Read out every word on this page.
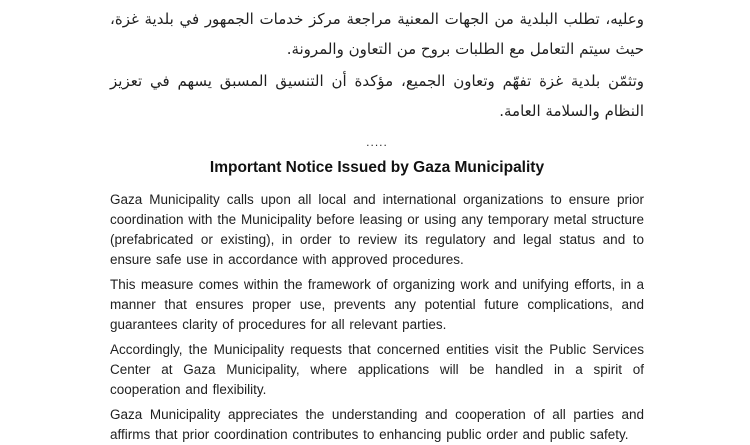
وعليه، تطلب البلدية من الجهات المعنية مراجعة مركز خدمات الجمهور في بلدية غزة، حيث سيتم التعامل مع الطلبات بروح من التعاون والمرونة.

وتثمّن بلدية غزة تفهّم وتعاون الجميع، مؤكدة أن التنسيق المسبق يسهم في تعزيز النظام والسلامة العامة.

.....
Important Notice Issued by Gaza Municipality

Gaza Municipality calls upon all local and international organizations to ensure prior coordination with the Municipality before leasing or using any temporary metal structure (prefabricated or existing), in order to review its regulatory and legal status and to ensure safe use in accordance with approved procedures.

This measure comes within the framework of organizing work and unifying efforts, in a manner that ensures proper use, prevents any potential future complications, and guarantees clarity of procedures for all relevant parties.

Accordingly, the Municipality requests that concerned entities visit the Public Services Center at Gaza Municipality, where applications will be handled in a spirit of cooperation and flexibility.

Gaza Municipality appreciates the understanding and cooperation of all parties and affirms that prior coordination contributes to enhancing public order and public safety.
